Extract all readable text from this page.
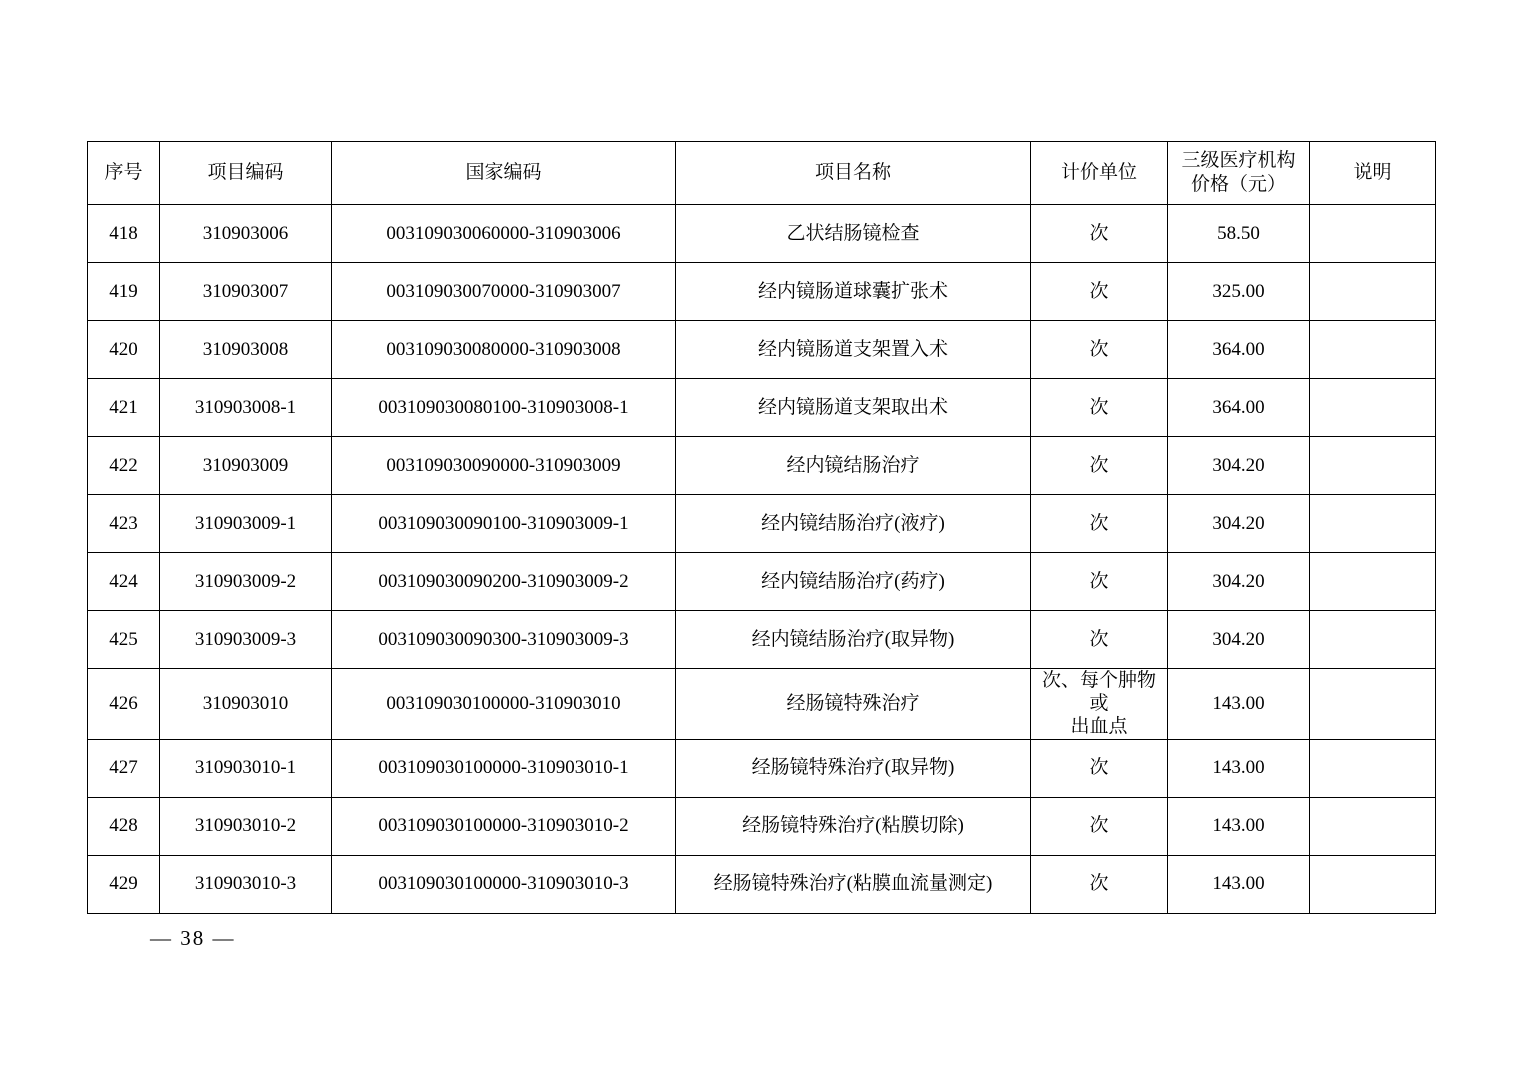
序号	项目编码	国家编码	项目名称	计价单位	三级医疗机构
价格（元）	说明
418	310903006	003109030060000-310903006	乙状结肠镜检查	次	58.50	
419	310903007	003109030070000-310903007	经内镜肠道球囊扩张术	次	325.00	
420	310903008	003109030080000-310903008	经内镜肠道支架置入术	次	364.00	
421	310903008-1	003109030080100-310903008-1	经内镜肠道支架取出术	次	364.00	
422	310903009	003109030090000-310903009	经内镜结肠治疗	次	304.20	
423	310903009-1	003109030090100-310903009-1	经内镜结肠治疗(液疗)	次	304.20	
424	310903009-2	003109030090200-310903009-2	经内镜结肠治疗(药疗)	次	304.20	
425	310903009-3	003109030090300-310903009-3	经内镜结肠治疗(取异物)	次	304.20	
426	310903010	003109030100000-310903010	经肠镜特殊治疗	次、每个肿物或
出血点	143.00	
427	310903010-1	003109030100000-310903010-1	经肠镜特殊治疗(取异物)	次	143.00	
428	310903010-2	003109030100000-310903010-2	经肠镜特殊治疗(粘膜切除)	次	143.00	
429	310903010-3	003109030100000-310903010-3	经肠镜特殊治疗(粘膜血流量测定)	次	143.00	
— 38 —
